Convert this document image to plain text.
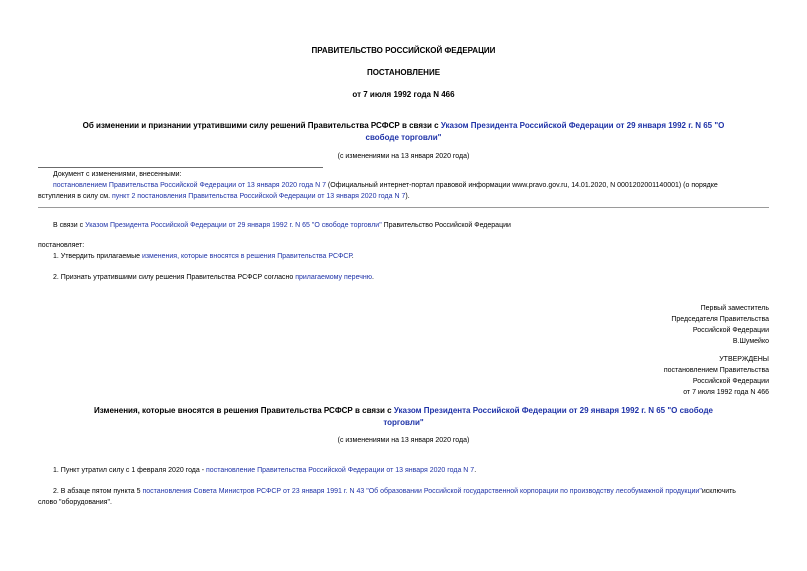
ПРАВИТЕЛЬСТВО РОССИЙСКОЙ ФЕДЕРАЦИИ
ПОСТАНОВЛЕНИЕ
от 7 июля 1992 года N 466
Об изменении и признании утратившими силу решений Правительства РСФСР в связи с Указом Президента Российской Федерации от 29 января 1992 г. N 65 "О
свободе торговли"
(с изменениями на 13 января 2020 года)
Документ с изменениями, внесенными:
постановлением Правительства Российской Федерации от 13 января 2020 года N 7 (Официальный интернет-портал правовой информации www.pravo.gov.ru, 14.01.2020, N 0001202001140001) (о порядке
вступления в силу см. пункт 2 постановления Правительства Российской Федерации от 13 января 2020 года N 7).
В связи с Указом Президента Российской Федерации от 29 января 1992 г. N 65 "О свободе торговли" Правительство Российской Федерации
постановляет:
1. Утвердить прилагаемые изменения, которые вносятся в решения Правительства РСФСР.
2. Признать утратившими силу решения Правительства РСФСР согласно прилагаемому перечню.
Первый заместитель
Председателя Правительства
Российской Федерации
В.Шумейко
УТВЕРЖДЕНЫ
постановлением Правительства
Российской Федерации
от 7 июля 1992 года N 466
Изменения, которые вносятся в решения Правительства РСФСР в связи с Указом Президента Российской Федерации от 29 января 1992 г. N 65 "О свободе
торговли"
(с изменениями на 13 января 2020 года)
1. Пункт утратил силу с 1 февраля 2020 года - постановление Правительства Российской Федерации от 13 января 2020 года N 7.
2. В абзаце пятом пункта 5 постановления Совета Министров РСФСР от 23 января 1991 г. N 43 "Об образовании Российской государственной корпорации по производству лесобумажной продукции"исключить
слово "оборудования".
